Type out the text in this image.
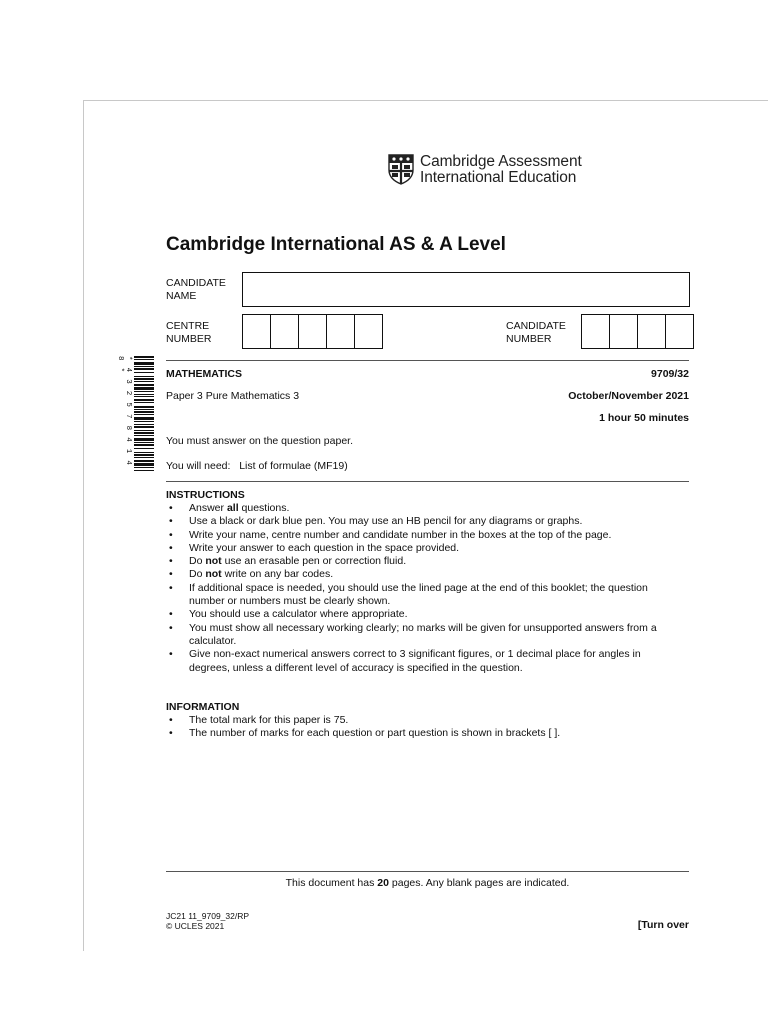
Cambridge Assessment
International Education
Cambridge International AS & A Level
CANDIDATE
NAME
CENTRE
NUMBER
CANDIDATE
NUMBER
MATHEMATICS	9709/32
Paper 3 Pure Mathematics 3	October/November 2021
1 hour 50 minutes
You must answer on the question paper.
You will need: List of formulae (MF19)
INSTRUCTIONS
• Answer all questions.
• Use a black or dark blue pen. You may use an HB pencil for any diagrams or graphs.
• Write your name, centre number and candidate number in the boxes at the top of the page.
• Write your answer to each question in the space provided.
• Do not use an erasable pen or correction fluid.
• Do not write on any bar codes.
• If additional space is needed, you should use the lined page at the end of this booklet; the question number or numbers must be clearly shown.
• You should use a calculator where appropriate.
• You must show all necessary working clearly; no marks will be given for unsupported answers from a calculator.
• Give non-exact numerical answers correct to 3 significant figures, or 1 decimal place for angles in degrees, unless a different level of accuracy is specified in the question.
INFORMATION
• The total mark for this paper is 75.
• The number of marks for each question or part question is shown in brackets [ ].
This document has 20 pages. Any blank pages are indicated.
JC21 11_9709_32/RP
© UCLES 2021	[Turn over
* 4 3 2 5 7 8 4 1 4 8 *
